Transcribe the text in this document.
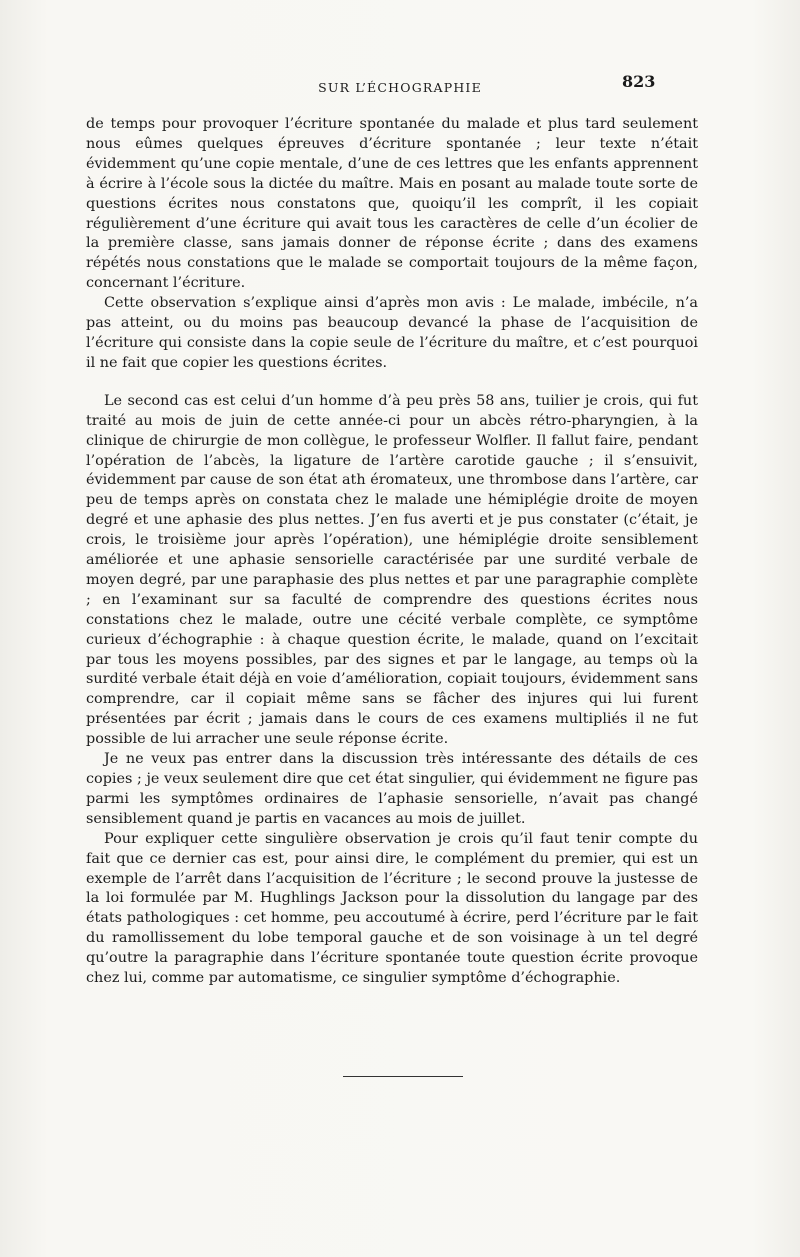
SUR L’ÉCHOGRAPHIE	823

de temps pour provoquer l’écriture spontanée du malade et plus tard seulement nous eûmes quelques épreuves d’écriture spontanée ; leur texte n’était évidemment qu’une copie mentale, d’une de ces lettres que les enfants apprennent à écrire à l’école sous la dictée du maître. Mais en posant au malade toute sorte de questions écrites nous constatons que, quoiqu’il les comprît, il les copiait régulièrement d’une écriture qui avait tous les caractères de celle d’un écolier de la première classe, sans jamais donner de réponse écrite ; dans des examens répétés nous constations que le malade se comportait toujours de la même façon, concernant l’écriture.

Cette observation s’explique ainsi d’après mon avis : Le malade, imbécile, n’a pas atteint, ou du moins pas beaucoup devancé la phase de l’acquisition de l’écriture qui consiste dans la copie seule de l’écriture du maître, et c’est pourquoi il ne fait que copier les questions écrites.

Le second cas est celui d’un homme d’à peu près 58 ans, tuilier je crois, qui fut traité au mois de juin de cette année-ci pour un abcès rétro-pharyngien, à la clinique de chirurgie de mon collègue, le professeur Wolfler. Il fallut faire, pendant l’opération de l’abcès, la ligature de l’artère carotide gauche ; il s’ensuivit, évidemment par cause de son état ath éromateux, une thrombose dans l’artère, car peu de temps après on constata chez le malade une hémiplégie droite de moyen degré et une aphasie des plus nettes. J’en fus averti et je pus constater (c’était, je crois, le troisième jour après l’opération), une hémiplégie droite sensiblement améliorée et une aphasie sensorielle caractérisée par une surdité verbale de moyen degré, par une paraphasie des plus nettes et par une paragraphie complète ; en l’examinant sur sa faculté de comprendre des questions écrites nous constations chez le malade, outre une cécité verbale complète, ce symptôme curieux d’échographie : à chaque question écrite, le malade, quand on l’excitait par tous les moyens possibles, par des signes et par le langage, au temps où la surdité verbale était déjà en voie d’amélioration, copiait toujours, évidemment sans comprendre, car il copiait même sans se fâcher des injures qui lui furent présentées par écrit ; jamais dans le cours de ces examens multipliés il ne fut possible de lui arracher une seule réponse écrite.

Je ne veux pas entrer dans la discussion très intéressante des détails de ces copies ; je veux seulement dire que cet état singulier, qui évidemment ne figure pas parmi les symptômes ordinaires de l’aphasie sensorielle, n’avait pas changé sensiblement quand je partis en vacances au mois de juillet.

Pour expliquer cette singulière observation je crois qu’il faut tenir compte du fait que ce dernier cas est, pour ainsi dire, le complément du premier, qui est un exemple de l’arrêt dans l’acquisition de l’écriture ; le second prouve la justesse de la loi formulée par M. Hughlings Jackson pour la dissolution du langage par des états pathologiques : cet homme, peu accoutumé à écrire, perd l’écriture par le fait du ramollissement du lobe temporal gauche et de son voisinage à un tel degré qu’outre la paragraphie dans l’écriture spontanée toute question écrite provoque chez lui, comme par automatisme, ce singulier symptôme d’échographie.
